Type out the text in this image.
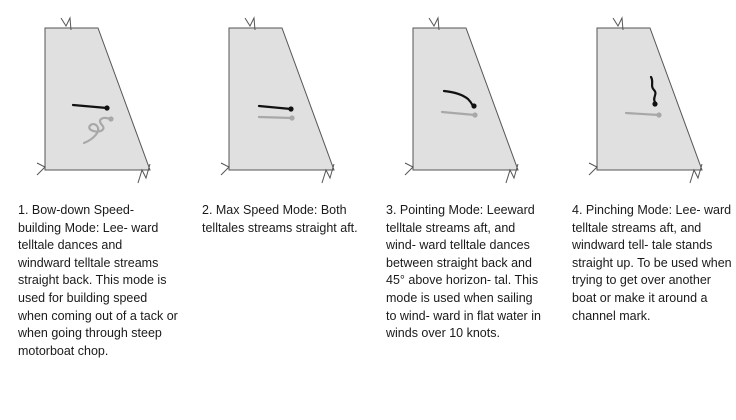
1. Bow-down Speed- building Mode: Lee- ward telltale dances and windward telltale streams straight back. This mode is used for building speed when coming out of a tack or when going through steep motorboat chop.

2. Max Speed Mode: Both telltales streams straight aft.

3. Pointing Mode: Leeward telltale streams aft, and wind- ward telltale dances between straight back and 45° above horizon- tal. This mode is used when sailing to wind- ward in flat water in winds over 10 knots.

4. Pinching Mode: Lee- ward telltale streams aft, and windward tell- tale stands straight up. To be used when trying to get over another boat or make it around a channel mark.
